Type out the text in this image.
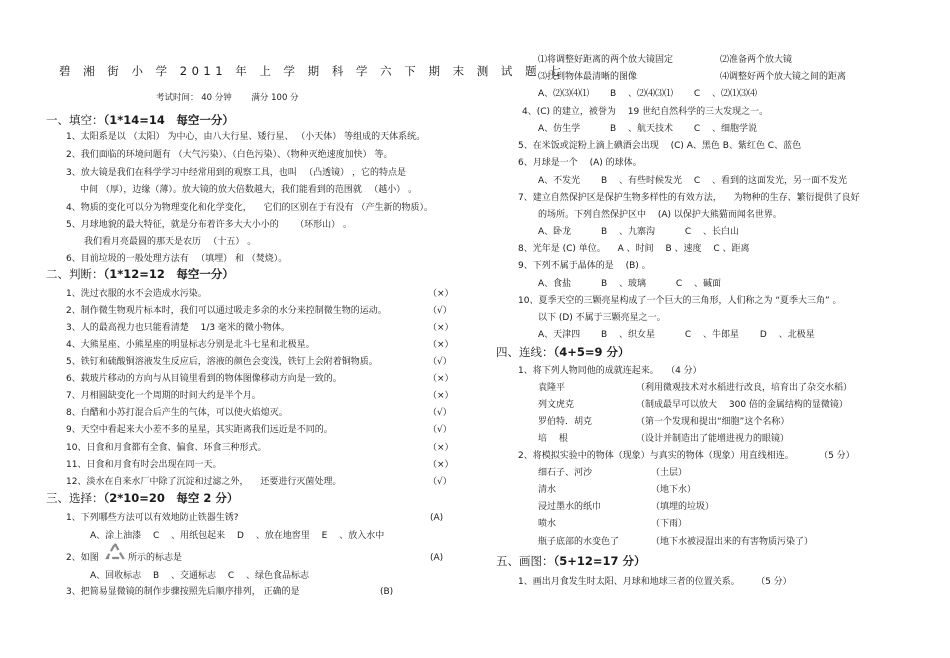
碧 湘 街 小 学 2011 年 上 学 期 科 学 六 下 期 末 测 试 题 七
考试时间： 40 分钟 　　满分 100 分
一、填空：（1*14=14　每空一分）
1、太阳系是以 （太阳） 为中心，由八大行星、矮行星、 （小天体） 等组成的天体系统。
2、我们面临的环境问题有 （大气污染）、（白色污染）、（物种灭绝速度加快） 等。
3、放大镜是我们在科学学习中经常用到的观察工具，也叫 　（凸透镜） ，它的特点是
中间 （厚），边缘（薄）。放大镜的放大倍数越大，我们能看到的范围就 　（越小） 。
4、物质的变化可以分为物理变化和化学变化， 　它们的区别在于有没有 （产生新的物质）。
5、月球地貌的最大特征，就是分布着许多大大小小的 　　（环形山） 。
我们看月亮最圆的那天是农历 　（十五） 。
6、目前垃圾的一般处理方法有 　（填埋） 和 （焚烧）。
二、判断：（1*12=12　每空一分）
1、洗过衣服的水不会造成水污染。	（×）
2、制作微生物观片标本时，我们可以通过吸走多余的水分来控制微生物的运动。	（√）
3、人的最高视力也只能看清楚 　1/3 毫米的微小物体。	（×）
4、大熊星座、小熊星座的明显标志分别是北斗七星和北极星。	（×）
5、铁钉和硫酸铜溶液发生反应后，溶液的颜色会变浅，铁钉上会附着铜物质。	（√）
6、载玻片移动的方向与从目镜里看到的物体图像移动方向是一致的。	（×）
7、月相圆缺变化一个周期的时间大约是半个月。	（×）
8、白醋和小苏打混合后产生的气体，可以使火焰熄灭。	（√）
9、天空中看起来大小差不多的星星，其实距离我们远近是不同的。	（√）
10、日食和月食都有全食、偏食、环食三种形式。	（×）
11、日食和月食有时会出现在同一天。	（×）
12、淡水在自来水厂中除了沉淀和过滤之外， 　还要进行灭菌处理。	（√）
三、选择：（2*10=20　每空 2 分）
1、下列哪些方法可以有效地防止铁器生锈?	(A)
A、涂上油漆 　C 　、用纸包起来 　D 　、放在地窖里 　E 　、放入水中
2、如图	所示的标志是	(A)
A、回收标志 　B 　、交通标志 　C 　、绿色食品标志
3、把简易显微镜的制作步骤按照先后顺序排列， 正确的是	(B)
⑴将调整好距离的两个放大镜固定	⑵准备两个放大镜
⑶找到物体最清晰的图像	⑷调整好两个放大镜之间的距离
A、⑵⑶⑷⑴ 　　B 　、⑵⑷⑶⑴ 　　C 　、⑵⑴⑶⑷
4、(C) 的建立，被誉为 　19 世纪自然科学的三大发现之一。
A、仿生学 　　　B 　、航天技术 　　C 　、细胞学说
5、在米饭或淀粉上滴上碘酒会出现 　(C) A、黑色 B、紫红色 C、蓝色
6、月球是一个 　(A) 的球体。
A、不发光 　　B 　、有些时候发光 　C 　、看到的这面发光，另一面不发光
7、建立自然保护区是保护生物多样性的有效方法， 　为物种的生存、繁衍提供了良好
的场所。下列自然保护区中 　(A) 以保护大熊猫而闻名世界。
A、卧龙 　　　B 　、九寨沟 　　　C 　、长白山
8、光年是 (C) 单位。 　A 、时间 　B 、速度 　C 、距离
9、下列不属于晶体的是 　(B) 。
A、食盐 　　　B 　、玻璃 　　　C 　、碱面
10、夏季天空的三颗亮星构成了一个巨大的三角形，人们称之为 “夏季大三角” 。
以下 (D) 不属于三颗亮星之一。
A、天津四 　　B 　、织女星 　　　C 　、牛郎星 　　D 　、北极星
四、连线：（4+5=9 分）
1、将下列人物同他的成就连起来。 　（4 分）
袁隆平	（利用微观技术对水稻进行改良，培育出了杂交水稻）
列文虎克	（制成最早可以放大 　300 倍的金属结构的显微镜）
罗伯特．胡克	（第一个发现和提出“细胞”这个名称）
培 　根	（设计并制造出了能增进视力的眼镜）
2、将模拟实验中的物体（现象）与真实的物体（现象）用直线相连。 　　　（5 分）
细石子、河沙	（土层）
清水	（地下水）
浸过墨水的纸巾	（填埋的垃圾）
喷水	（下雨）
瓶子底部的水变色了	（地下水被浸湿出来的有害物质污染了）
五、画图：（5+12=17 分）
1、画出月食发生时太阳、月球和地球三者的位置关系。 　　（5 分）
